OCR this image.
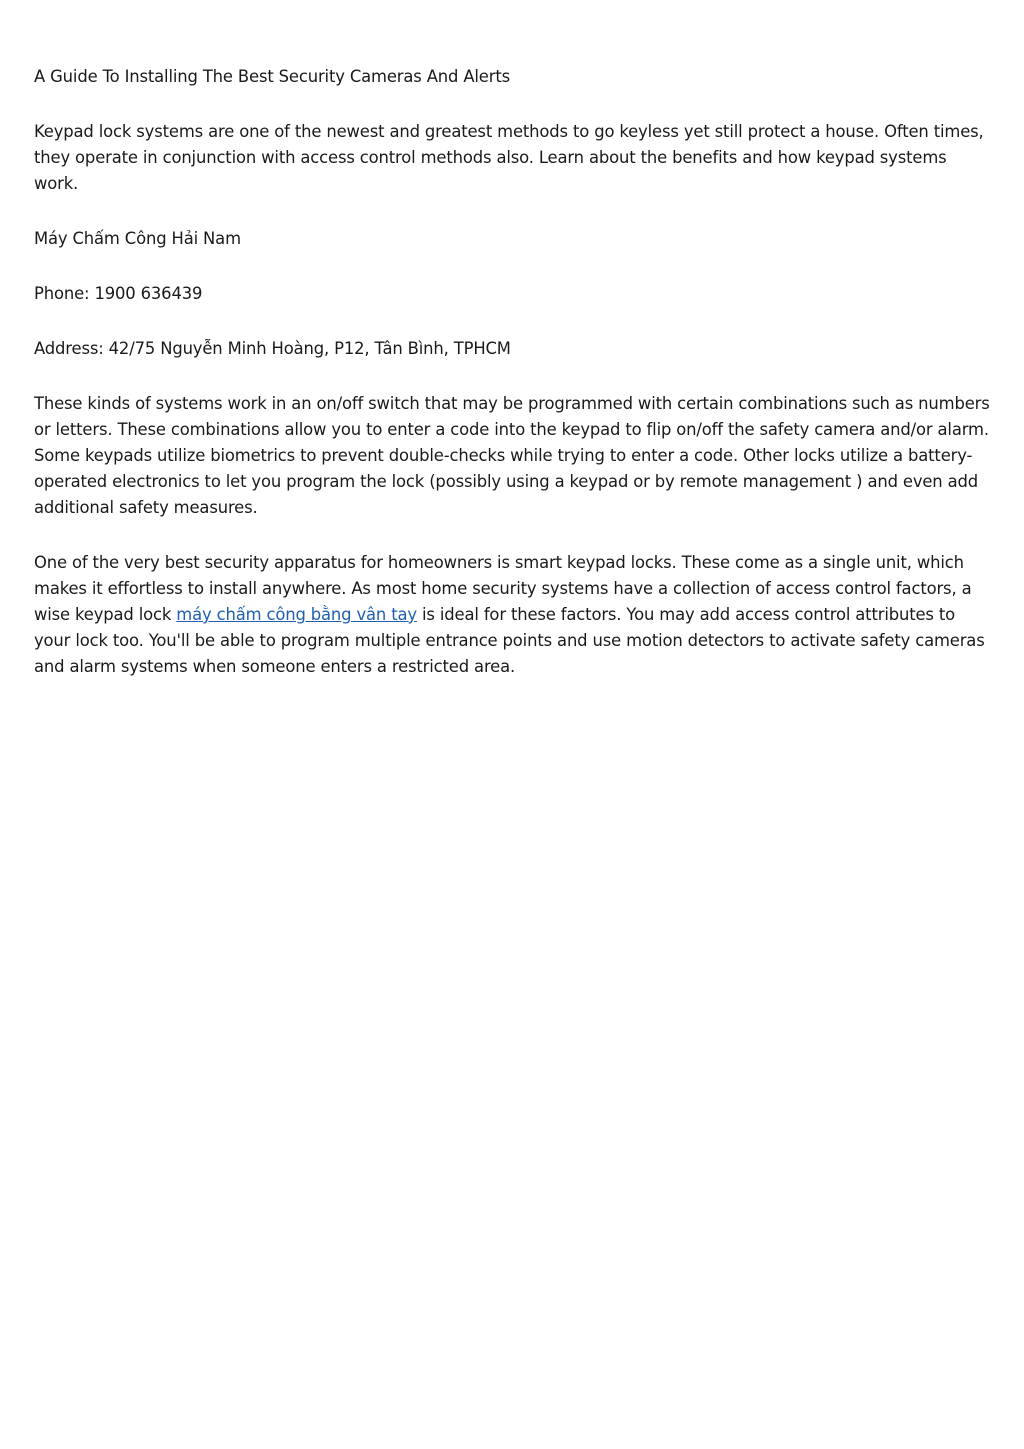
A Guide To Installing The Best Security Cameras And Alerts

Keypad lock systems are one of the newest and greatest methods to go keyless yet still protect a house. Often times, they operate in conjunction with access control methods also. Learn about the benefits and how keypad systems work.

Máy Chấm Công Hải Nam

Phone: 1900 636439

Address: 42/75 Nguyễn Minh Hoàng, P12, Tân Bình, TPHCM

These kinds of systems work in an on/off switch that may be programmed with certain combinations such as numbers or letters. These combinations allow you to enter a code into the keypad to flip on/off the safety camera and/or alarm. Some keypads utilize biometrics to prevent double-checks while trying to enter a code. Other locks utilize a battery-operated electronics to let you program the lock (possibly using a keypad or by remote management ) and even add additional safety measures.

One of the very best security apparatus for homeowners is smart keypad locks. These come as a single unit, which makes it effortless to install anywhere. As most home security systems have a collection of access control factors, a wise keypad lock máy chấm công bằng vân tay is ideal for these factors. You may add access control attributes to your lock too. You'll be able to program multiple entrance points and use motion detectors to activate safety cameras and alarm systems when someone enters a restricted area.
